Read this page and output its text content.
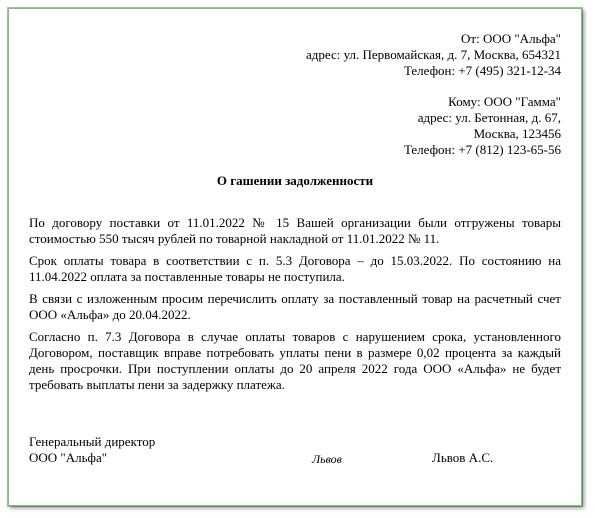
От: ООО "Альфа"
адрес: ул. Первомайская, д. 7, Москва, 654321
Телефон: +7 (495) 321-12-34
Кому: ООО "Гамма"
адрес: ул. Бетонная, д. 67,
Москва, 123456
Телефон: +7 (812) 123-65-56
О гашении задолженности

По договору поставки от 11.01.2022 № 15 Вашей организации были отгружены товары стоимостью 550 тысяч рублей по товарной накладной от 11.01.2022 № 11.

Срок оплаты товара в соответствии с п. 5.3 Договора – до 15.03.2022. По состоянию на 11.04.2022 оплата за поставленные товары не поступила.

В связи с изложенным просим перечислить оплату за поставленный товар на расчетный счет ООО «Альфа» до 20.04.2022.

Согласно п. 7.3 Договора в случае оплаты товаров с нарушением срока, установленного Договором, поставщик вправе потребовать уплаты пени в размере 0,02 процента за каждый день просрочки. При поступлении оплаты до 20 апреля 2022 года ООО «Альфа» не будет требовать выплаты пени за задержку платежа.

Генеральный директор
ООО "Альфа"	Львов	Львов А.С.
